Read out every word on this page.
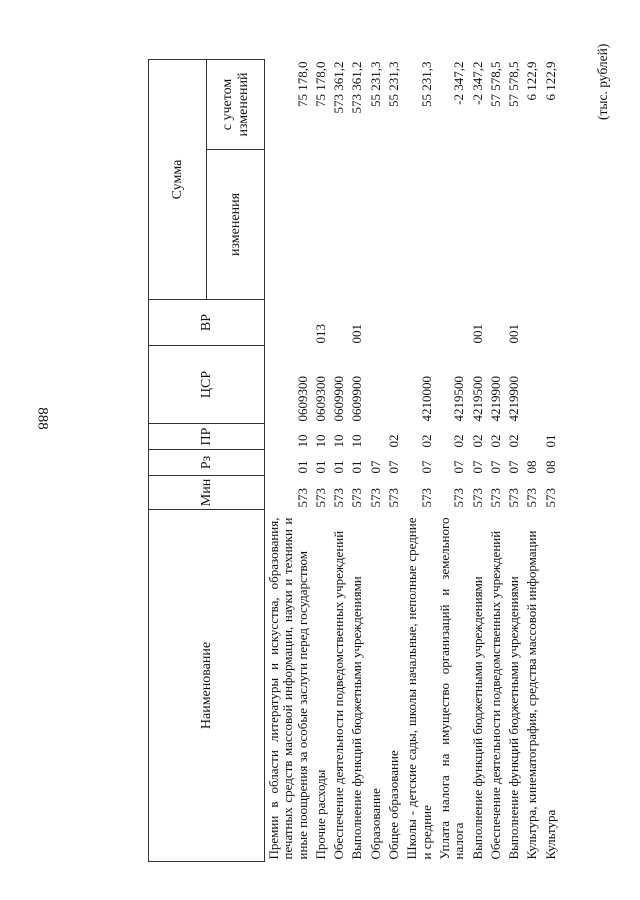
888
(тыс. рублей)
Наименование	Мин	Рз	ПР	ЦСР	ВР	Сумма	
						изменения	с учетом изменений
Премии в области литературы и искусства, образования, печатных средств массовой информации, науки и техники и иные поощрения за особые заслуги перед государством	573	01	10	0609300			75 178,0
Прочие расходы	573	01	10	0609300	013		75 178,0
Обеспечение деятельности подведомственных учреждений	573	01	10	0609900			573 361,2
Выполнение функций бюджетными учреждениями	573	01	10	0609900	001		573 361,2
Образование	573	07					55 231,3
Общее образование	573	07	02				55 231,3
Школы - детские сады, школы начальные, неполные средние и средние	573	07	02	4210000			55 231,3
Уплата налога на имущество организаций и земельного налога	573	07	02	4219500			-2 347,2
Выполнение функций бюджетными учреждениями	573	07	02	4219500	001		-2 347,2
Обеспечение деятельности подведомственных учреждений	573	07	02	4219900			57 578,5
Выполнение функций бюджетными учреждениями	573	07	02	4219900	001		57 578,5
Культура, кинематография, средства массовой информации	573	08					6 122,9
Культура	573	08	01				6 122,9
